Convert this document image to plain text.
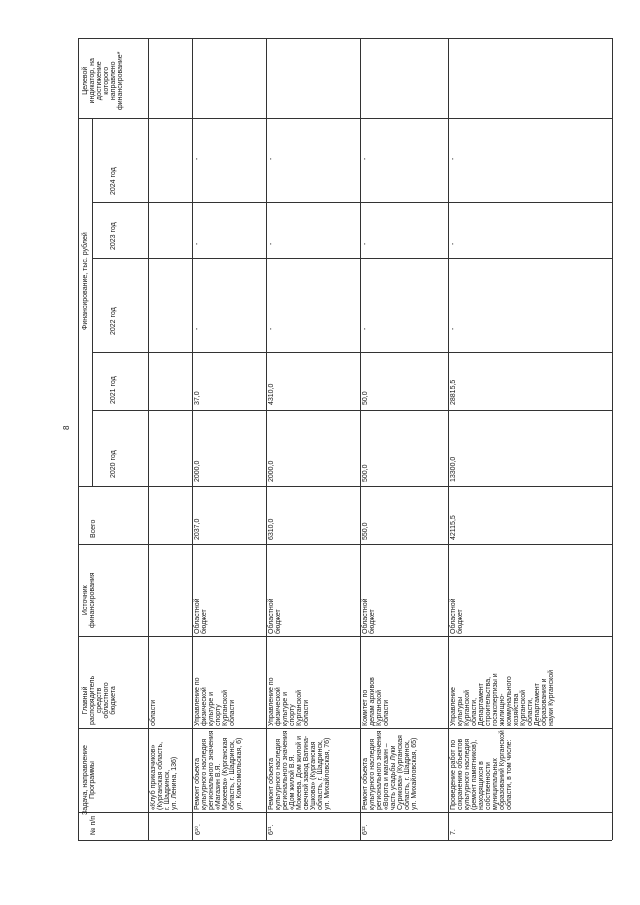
8
№ п/п
Задача, направление Программы
Главный распорядитель средств областного бюджета
Источник финансирования
Всего
Финансирование, тыс. рублей
2020 год
2021 год
2022 год
2023 год
2024 год
Целевой индикатор, на достижение которого направлено финансирование*
«Клуб приказчиков» (Курганская область, г. Шадринск, ул. Ленина, 136)
области
6¹⁰.
Ремонт объекта культурного наследия регионального значения «Магазин В.Я. Мокеева» (Курганская область, г. Шадринск, ул. Комсомольская, 6)
Управление по физической культуре и спорту Курганской области
Областной бюджет
2037,0
2000,0
37,0
-
-
-
6¹¹.
Ремонт объекта культурного наследия регионального значения «Дом жилой В.Я. Мокеева. Дом жилой и свечной завод Ватина- Ушкова» (Курганская область, г. Шадринск, ул. Михайловская, 76)
Управление по физической культуре и спорту Курганской области
Областной бюджет
6310,0
2000,0
4310,0
-
-
-
6¹².
Ремонт объекта культурного наследия регионального значения «Ворота и магазин – часть усадьбы Луки Сурикова» (Курганская область, г. Шадринск, ул. Михайловская, 65)
Комитет по делам архивов Курганской области
Областной бюджет
550,0
500,0
50,0
-
-
-
7.
Проведение работ по сохранению объектов культурного наследия (ремонт памятников), находящихся в собственности муниципальных образований Курганской области, в том числе:
Управление культуры Курганской области, Департамент строительства, госэкспертизы и жилищно- коммунального хозяйства Курганской области, Департамент образования и науки Курганской
Областной бюджет
42115,5
13300,0
28815,5
-
-
-
